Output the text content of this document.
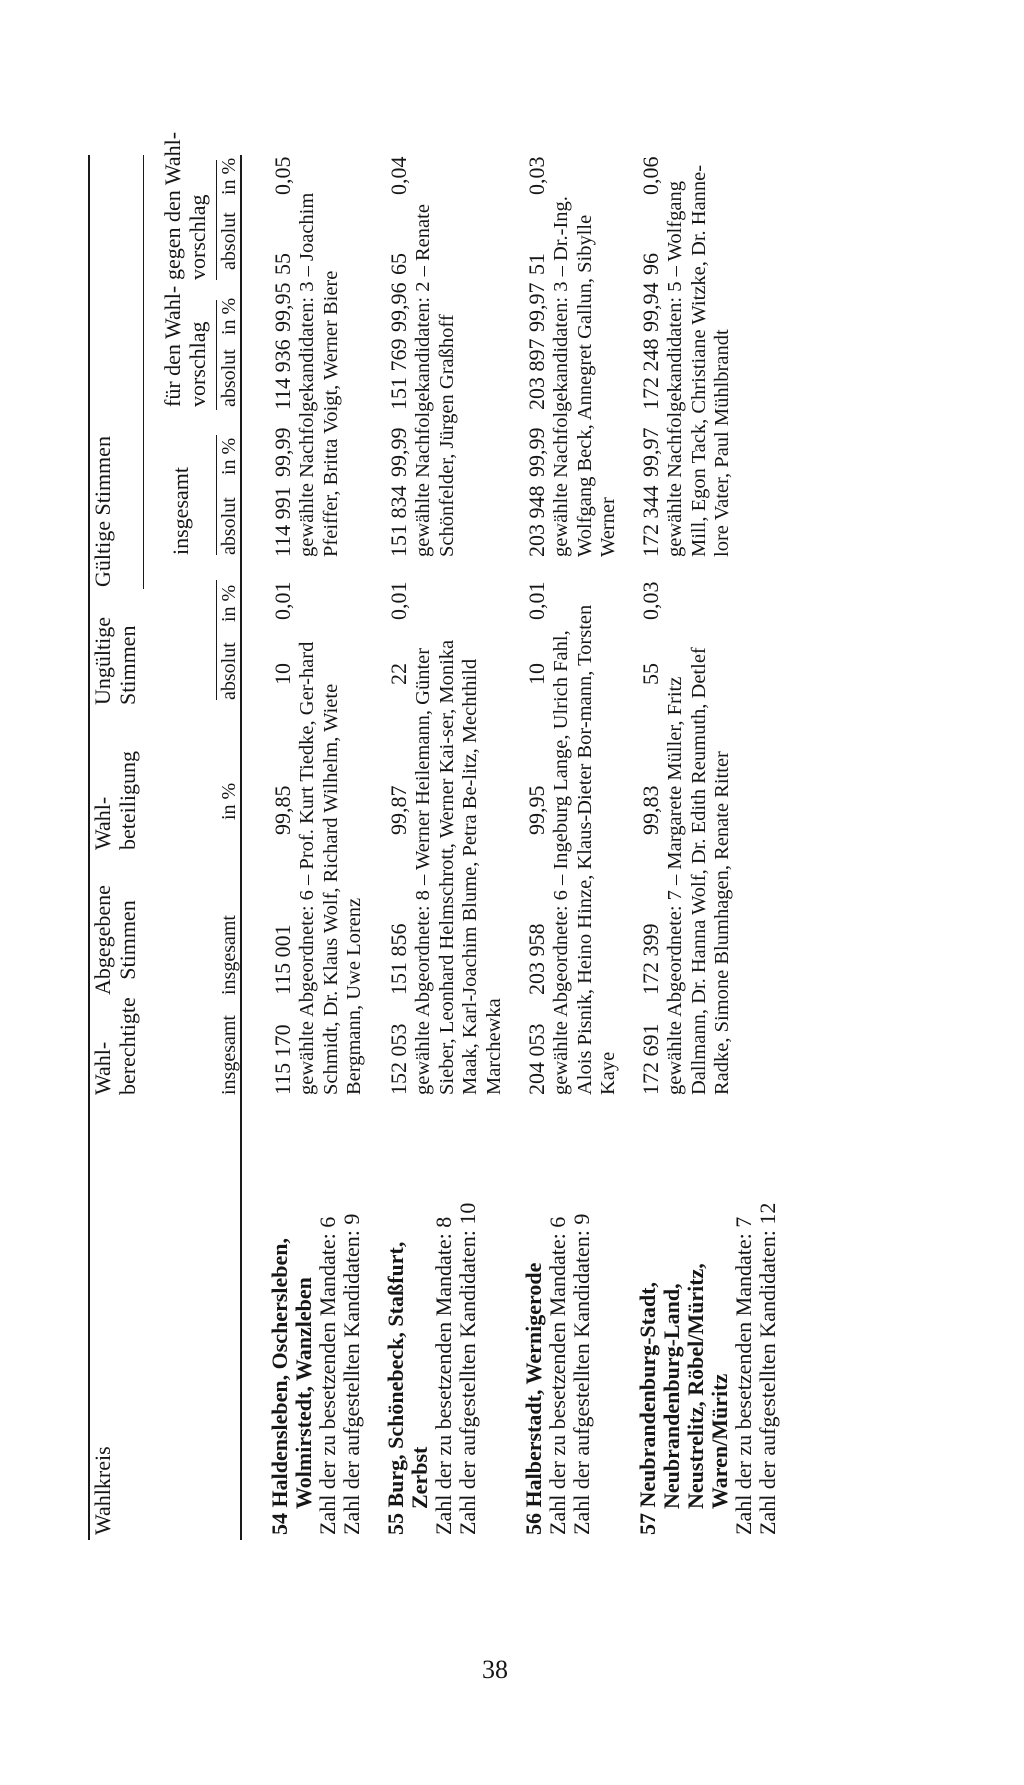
38
Wahlkreis
Wahl- berechtigte
Abgegebene Stimmen
Wahl- beteiligung
Ungültige Stimmen
Gültige Stimmen insgesamt
für den Wahl- vorschlag
gegen den Wahl- vorschlag
insgesamt
insgesamt
in %
absolut
in %
absolut
in %
absolut
in %
absolut
in %
54 Haldensleben, Oschersleben, Wolmirstedt, Wanzleben Zahl der zu besetzenden Mandate: 6 Zahl der aufgestellten Kandidaten: 9
115 170
115 001
99,85
10
0,01
114 991
99,99
114 936
99,95
55
0,05
gewählte Abgeordnete: 6 – Prof. Kurt Tiedke, Ger-hard Schmidt, Dr. Klaus Wolf, Richard Wilhelm, Wiete Bergmann, Uwe Lorenz
gewählte Nachfolgekandidaten: 3 – Joachim Pfeiffer, Britta Voigt, Werner Biere
55 Burg, Schönebeck, Staßfurt, Zerbst Zahl der zu besetzenden Mandate: 8 Zahl der aufgestellten Kandidaten: 10
152 053
151 856
99,87
22
0,01
151 834
99,99
151 769
99,96
65
0,04
gewählte Abgeordnete: 8 – Werner Heilemann, Günter Sieber, Leonhard Helmschrott, Werner Kai-ser, Monika Maak, Karl-Joachim Blume, Petra Be-litz, Mechthild Marchewka
gewählte Nachfolgekandidaten: 2 – Renate Schönfelder, Jürgen Graßhoff
56 Halberstadt, Wernigerode Zahl der zu besetzenden Mandate: 6 Zahl der aufgestellten Kandidaten: 9
204 053
203 958
99,95
10
0,01
203 948
99,99
203 897
99,97
51
0,03
gewählte Abgeordnete: 6 – Ingeburg Lange, Ulrich Fahl, Alois Pisnik, Heino Hinze, Klaus-Dieter Bor-mann, Torsten Kaye
gewählte Nachfolgekandidaten: 3 – Dr.-Ing. Wolfgang Beck, Annegret Gallun, Sibylle Werner
57 Neubrandenburg-Stadt, Neubrandenburg-Land, Neustrelitz, Röbel/Müritz, Waren/Müritz Zahl der zu besetzenden Mandate: 7 Zahl der aufgestellten Kandidaten: 12
172 691
172 399
99,83
55
0,03
172 344
99,97
172 248
99,94
96
0,06
gewählte Abgeordnete: 7 – Margarete Müller, Fritz Dallmann, Dr. Hanna Wolf, Dr. Edith Reumuth, Detlef Radke, Simone Blumhagen, Renate Ritter
gewählte Nachfolgekandidaten: 5 – Wolfgang Mill, Egon Tack, Christiane Witzke, Dr. Hanne-lore Vater, Paul Mühlbrandt
